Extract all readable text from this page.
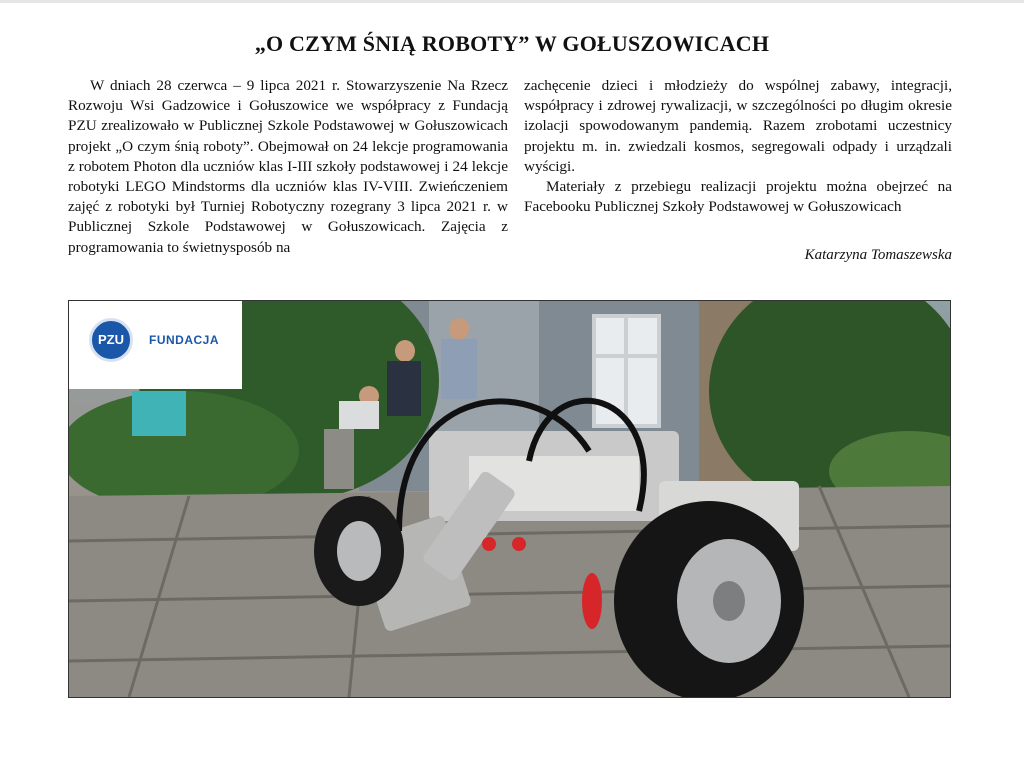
„O CZYM ŚNIĄ ROBOTY” W GOŁUSZOWICACH

W dniach 28 czerwca – 9 lipca 2021 r. Stowarzyszenie Na Rzecz Rozwoju Wsi Gadzowice i Gołuszowice we współpracy z Fundacją PZU zrealizowało w Publicznej Szkole Podstawowej w Gołuszowicach projekt „O czym śnią roboty”. Obejmował on 24 lekcje programowania z robotem Photon dla uczniów klas I-III szkoły podstawowej i 24 lekcje robotyki LEGO Mindstorms dla uczniów klas IV-VIII. Zwieńczeniem zajęć z robotyki był Turniej Robotyczny rozegrany 3 lipca 2021 r. w Publicznej Szkole Podstawowej w Gołuszowicach. Zajęcia z programowania to świetnysposób na

zachęcenie dzieci i młodzieży do wspólnej zabawy, integracji, współpracy i zdrowej rywalizacji, w szczególności po długim okresie izolacji spowodowanym pandemią. Razem zrobotami uczestnicy projektu m. in. zwiedzali kosmos, segregowali odpady i urządzali wyścigi.

Materiały z przebiegu realizacji projektu można obejrzeć na Facebooku Publicznej Szkoły Podstawowej w Gołuszowicach

Katarzyna Tomaszewska
PZU	FUNDACJA
